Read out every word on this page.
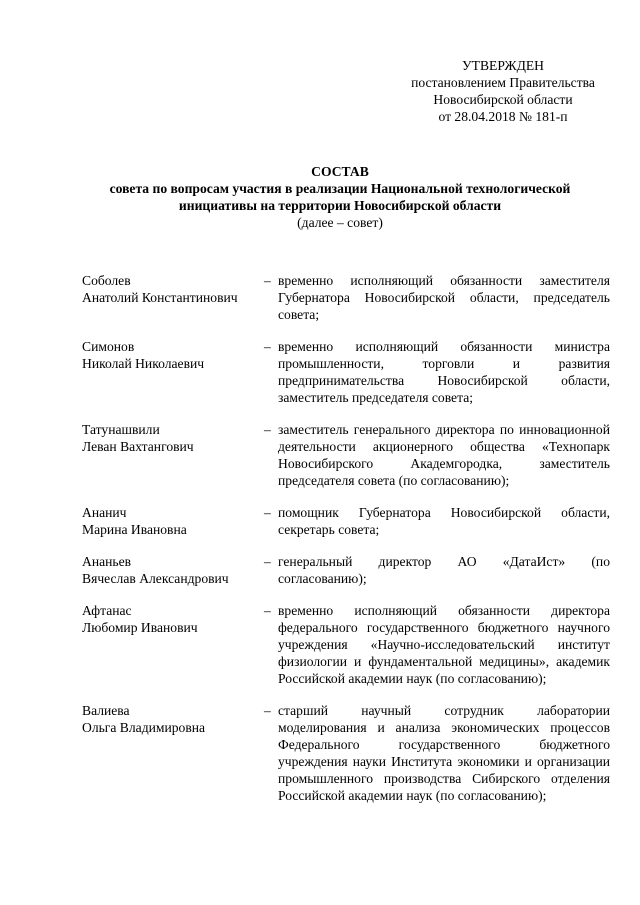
УТВЕРЖДЕН
постановлением Правительства
Новосибирской области
от 28.04.2018 № 181-п
СОСТАВ
совета по вопросам участия в реализации Национальной технологической
инициативы на территории Новосибирской области
(далее – совет)
Соболев
Анатолий Константинович
– временно исполняющий обязанности заместителя Губернатора Новосибирской области, председатель совета;
Симонов
Николай Николаевич
– временно исполняющий обязанности министра промышленности, торговли и развития предпринимательства Новосибирской области, заместитель председателя совета;
Татунашвили
Леван Вахтангович
– заместитель генерального директора по инновационной деятельности акционерного общества «Технопарк Новосибирского Академгородка, заместитель председателя совета (по согласованию);
Ананич
Марина Ивановна
– помощник Губернатора Новосибирской области, секретарь совета;
Ананьев
Вячеслав Александрович
– генеральный директор АО «ДатаИст» (по согласованию);
Афтанас
Любомир Иванович
– временно исполняющий обязанности директора федерального государственного бюджетного научного учреждения «Научно-исследовательский институт физиологии и фундаментальной медицины», академик Российской академии наук (по согласованию);
Валиева
Ольга Владимировна
– старший научный сотрудник лаборатории моделирования и анализа экономических процессов Федерального государственного бюджетного учреждения науки Института экономики и организации промышленного производства Сибирского отделения Российской академии наук (по согласованию);
